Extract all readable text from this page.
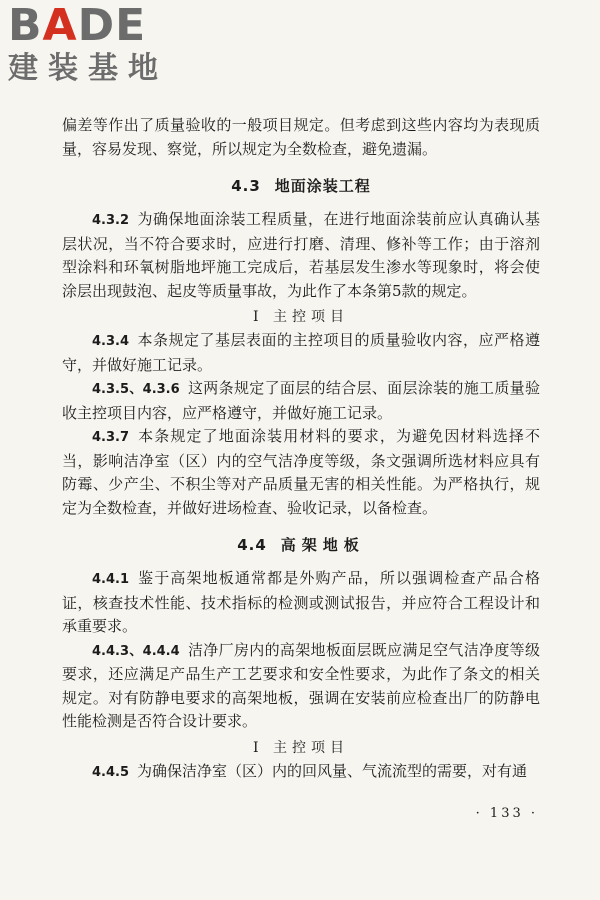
BADE
建装基地

偏差等作出了质量验收的一般项目规定。但考虑到这些内容均为表现质量，容易发现、察觉，所以规定为全数检查，避免遗漏。

4.3 地面涂装工程

4.3.2 为确保地面涂装工程质量，在进行地面涂装前应认真确认基层状况，当不符合要求时，应进行打磨、清理、修补等工作；由于溶剂型涂料和环氧树脂地坪施工完成后，若基层发生渗水等现象时，将会使涂层出现鼓泡、起皮等质量事故，为此作了本条第5款的规定。

Ⅰ 主控项目

4.3.4 本条规定了基层表面的主控项目的质量验收内容，应严格遵守，并做好施工记录。

4.3.5、4.3.6 这两条规定了面层的结合层、面层涂装的施工质量验收主控项目内容，应严格遵守，并做好施工记录。

4.3.7 本条规定了地面涂装用材料的要求，为避免因材料选择不当，影响洁净室（区）内的空气洁净度等级，条文强调所选材料应具有防霉、少产尘、不积尘等对产品质量无害的相关性能。为严格执行，规定为全数检查，并做好进场检查、验收记录，以备检查。

4.4 高架地板

4.4.1 鉴于高架地板通常都是外购产品，所以强调检查产品合格证，核查技术性能、技术指标的检测或测试报告，并应符合工程设计和承重要求。

4.4.3、4.4.4 洁净厂房内的高架地板面层既应满足空气洁净度等级要求，还应满足产品生产工艺要求和安全性要求，为此作了条文的相关规定。对有防静电要求的高架地板，强调在安装前应检查出厂的防静电性能检测是否符合设计要求。

Ⅰ 主控项目

4.4.5 为确保洁净室（区）内的回风量、气流流型的需要，对有通

· 133 ·
